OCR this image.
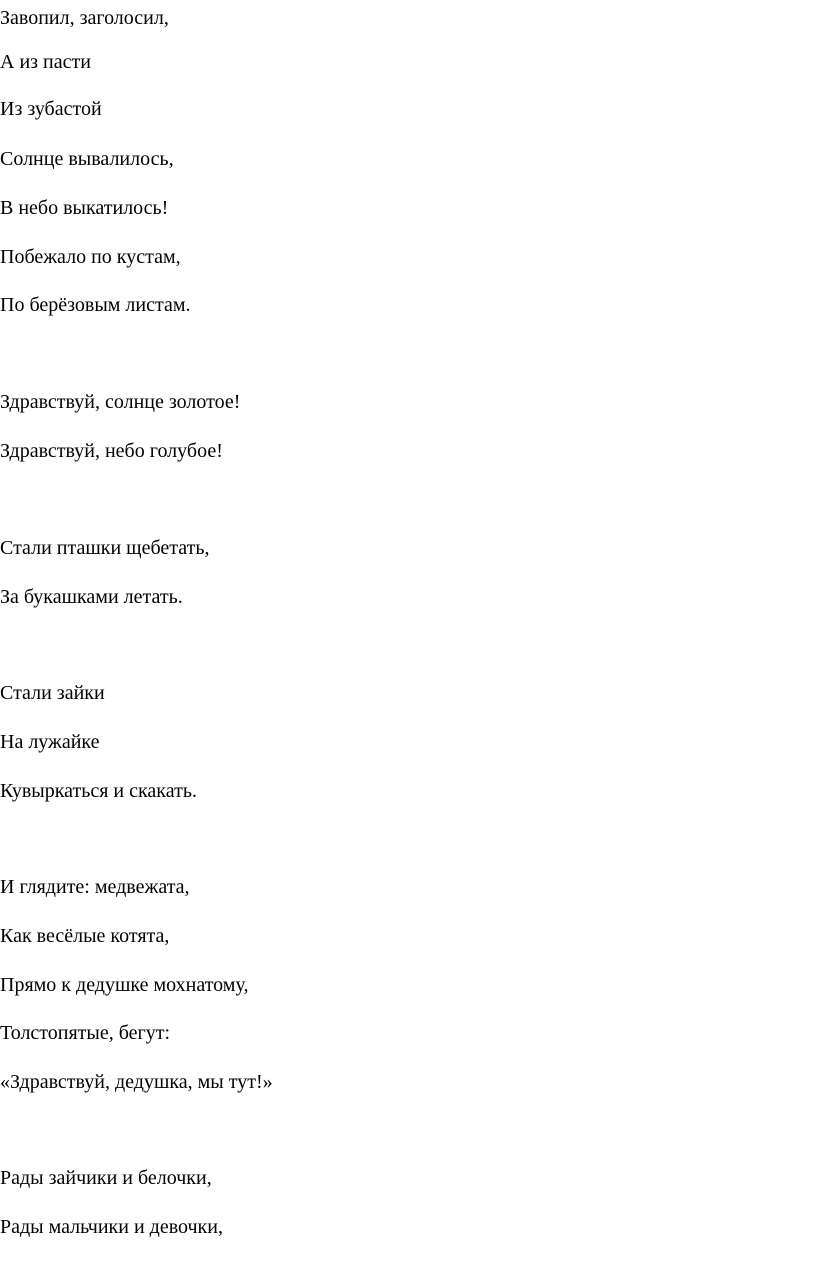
Завопил, заголосил,

А из пасти

Из зубастой

Солнце вывалилось,

В небо выкатилось!

Побежало по кустам,

По берёзовым листам.

Здравствуй, солнце золотое!

Здравствуй, небо голубое!

Стали пташки щебетать,

За букашками летать.

Стали зайки

На лужайке

Кувыркаться и скакать.

И глядите: медвежата,

Как весёлые котята,

Прямо к дедушке мохнатому,

Толстопятые, бегут:

«Здравствуй, дедушка, мы тут!»

Рады зайчики и белочки,

Рады мальчики и девочки,
